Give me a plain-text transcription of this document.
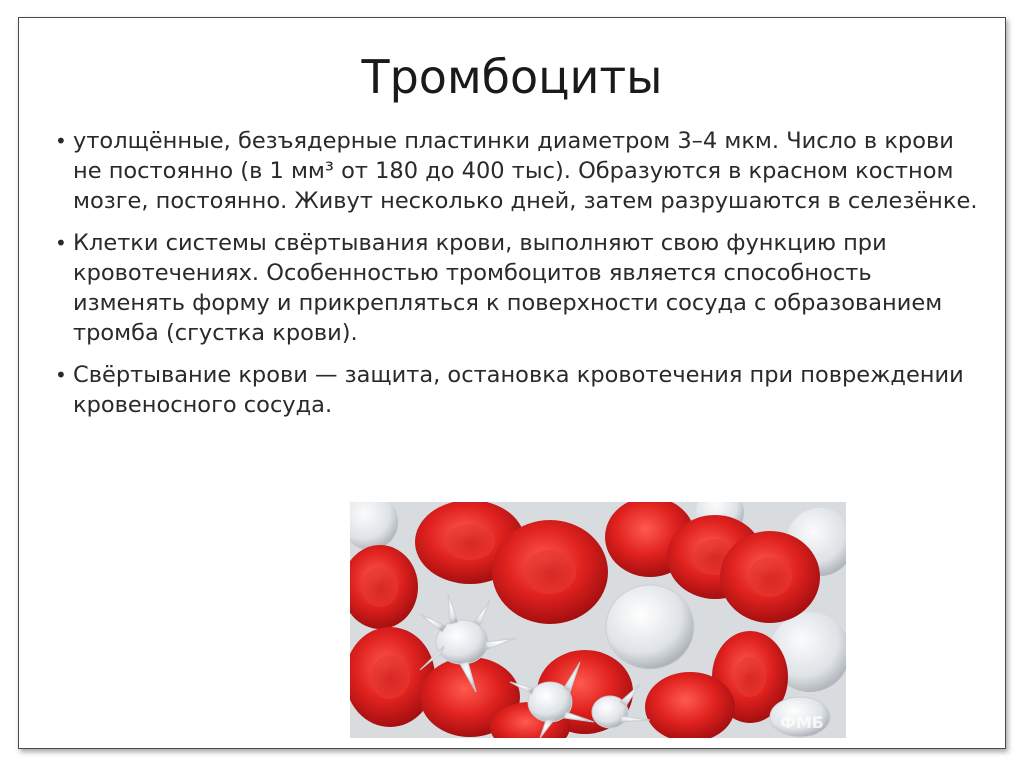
Тромбоциты
• утолщённые, безъядерные пластинки диаметром 3–4 мкм. Число в крови не постоянно (в 1 мм³ от 180 до 400 тыс). Образуются в красном костном мозге, постоянно. Живут несколько дней, затем разрушаются в селезёнке.
• Клетки системы свёртывания крови, выполняют свою функцию при кровотечениях. Особенностью тромбоцитов является способность изменять форму и прикрепляться к поверхности сосуда с образованием тромба (сгустка крови).
• Свёртывание крови — защита, остановка кровотечения при повреждении кровеносного сосуда.
ФМБ
